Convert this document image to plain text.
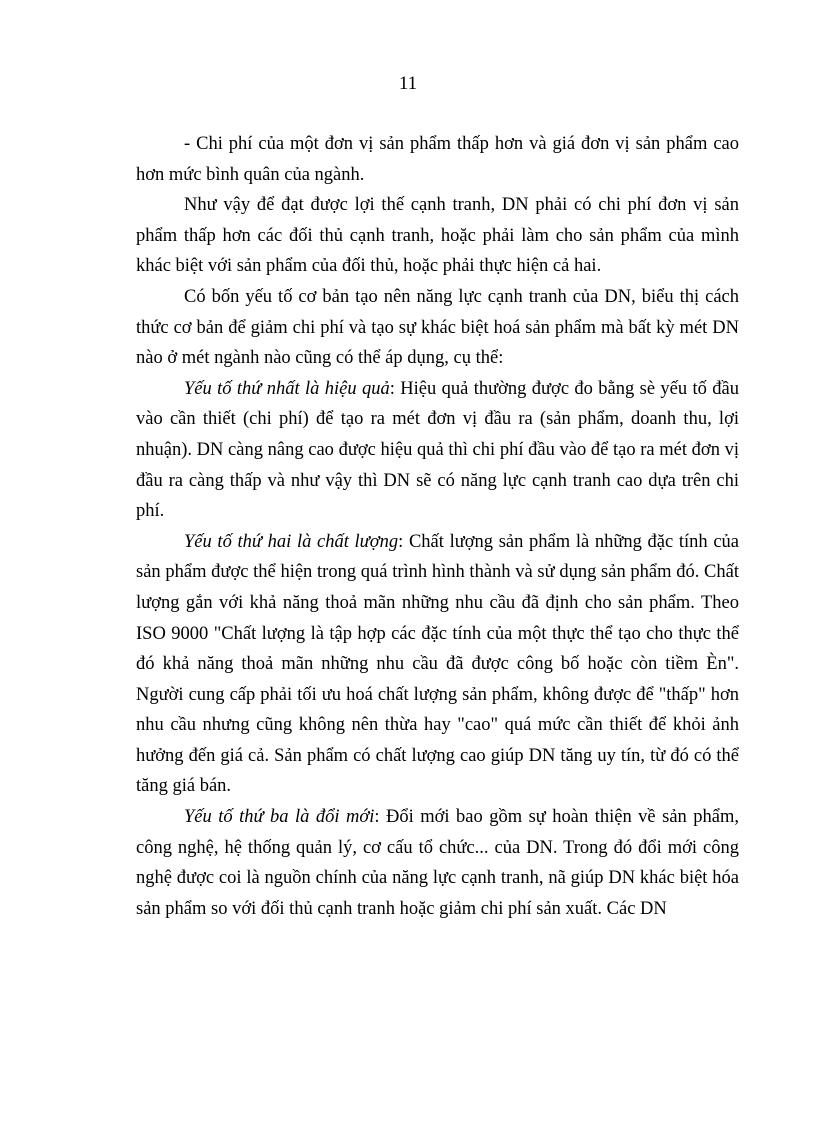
11

- Chi phí của một đơn vị sản phẩm thấp hơn và giá đơn vị sản phẩm cao hơn mức bình quân của ngành.

Như vậy để đạt được lợi thế cạnh tranh, DN phải có chi phí đơn vị sản phẩm thấp hơn các đối thủ cạnh tranh, hoặc phải làm cho sản phẩm của mình khác biệt với sản phẩm của đối thủ, hoặc phải thực hiện cả hai.

Có bốn yếu tố cơ bản tạo nên năng lực cạnh tranh của DN, biểu thị cách thức cơ bản để giảm chi phí và tạo sự khác biệt hoá sản phẩm mà bất kỳ mét DN nào ở mét ngành nào cũng có thể áp dụng, cụ thể:

Yếu tố thứ nhất là hiệu quả: Hiệu quả thường được đo bằng sè yếu tố đầu vào cần thiết (chi phí) để tạo ra mét đơn vị đầu ra (sản phẩm, doanh thu, lợi nhuận). DN càng nâng cao được hiệu quả thì chi phí đầu vào để tạo ra mét đơn vị đầu ra càng thấp và như vậy thì DN sẽ có năng lực cạnh tranh cao dựa trên chi phí.

Yếu tố thứ hai là chất lượng: Chất lượng sản phẩm là những đặc tính của sản phẩm được thể hiện trong quá trình hình thành và sử dụng sản phẩm đó. Chất lượng gắn với khả năng thoả mãn những nhu cầu đã định cho sản phẩm. Theo ISO 9000 "Chất lượng là tập hợp các đặc tính của một thực thể tạo cho thực thể đó khả năng thoả mãn những nhu cầu đã được công bố hoặc còn tiềm Èn". Người cung cấp phải tối ưu hoá chất lượng sản phẩm, không được để "thấp" hơn nhu cầu nhưng cũng không nên thừa hay "cao" quá mức cần thiết để khỏi ảnh hưởng đến giá cả. Sản phẩm có chất lượng cao giúp DN tăng uy tín, từ đó có thể tăng giá bán.

Yếu tố thứ ba là đổi mới: Đổi mới bao gồm sự hoàn thiện về sản phẩm, công nghệ, hệ thống quản lý, cơ cấu tổ chức... của DN. Trong đó đổi mới công nghệ được coi là nguồn chính của năng lực cạnh tranh, nã giúp DN khác biệt hóa sản phẩm so với đối thủ cạnh tranh hoặc giảm chi phí sản xuất. Các DN
